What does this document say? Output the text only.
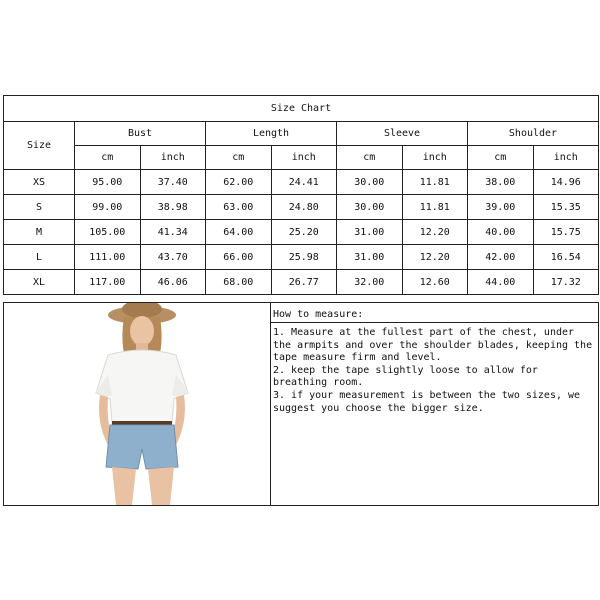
Size Chart								
Size	Bust		Length		Sleeve		Shoulder	
	cm	inch	cm	inch	cm	inch	cm	inch
XS	95.00	37.40	62.00	24.41	30.00	11.81	38.00	14.96
S	99.00	38.98	63.00	24.80	30.00	11.81	39.00	15.35
M	105.00	41.34	64.00	25.20	31.00	12.20	40.00	15.75
L	111.00	43.70	66.00	25.98	31.00	12.20	42.00	16.54
XL	117.00	46.06	68.00	26.77	32.00	12.60	44.00	17.32
How to measure:
1. Measure at the fullest part of the chest, under the armpits and over the shoulder blades, keeping the tape measure firm and level.
2. keep the tape slightly loose to allow for breathing room.
3. if your measurement is between the two sizes, we suggest you choose the bigger size.
